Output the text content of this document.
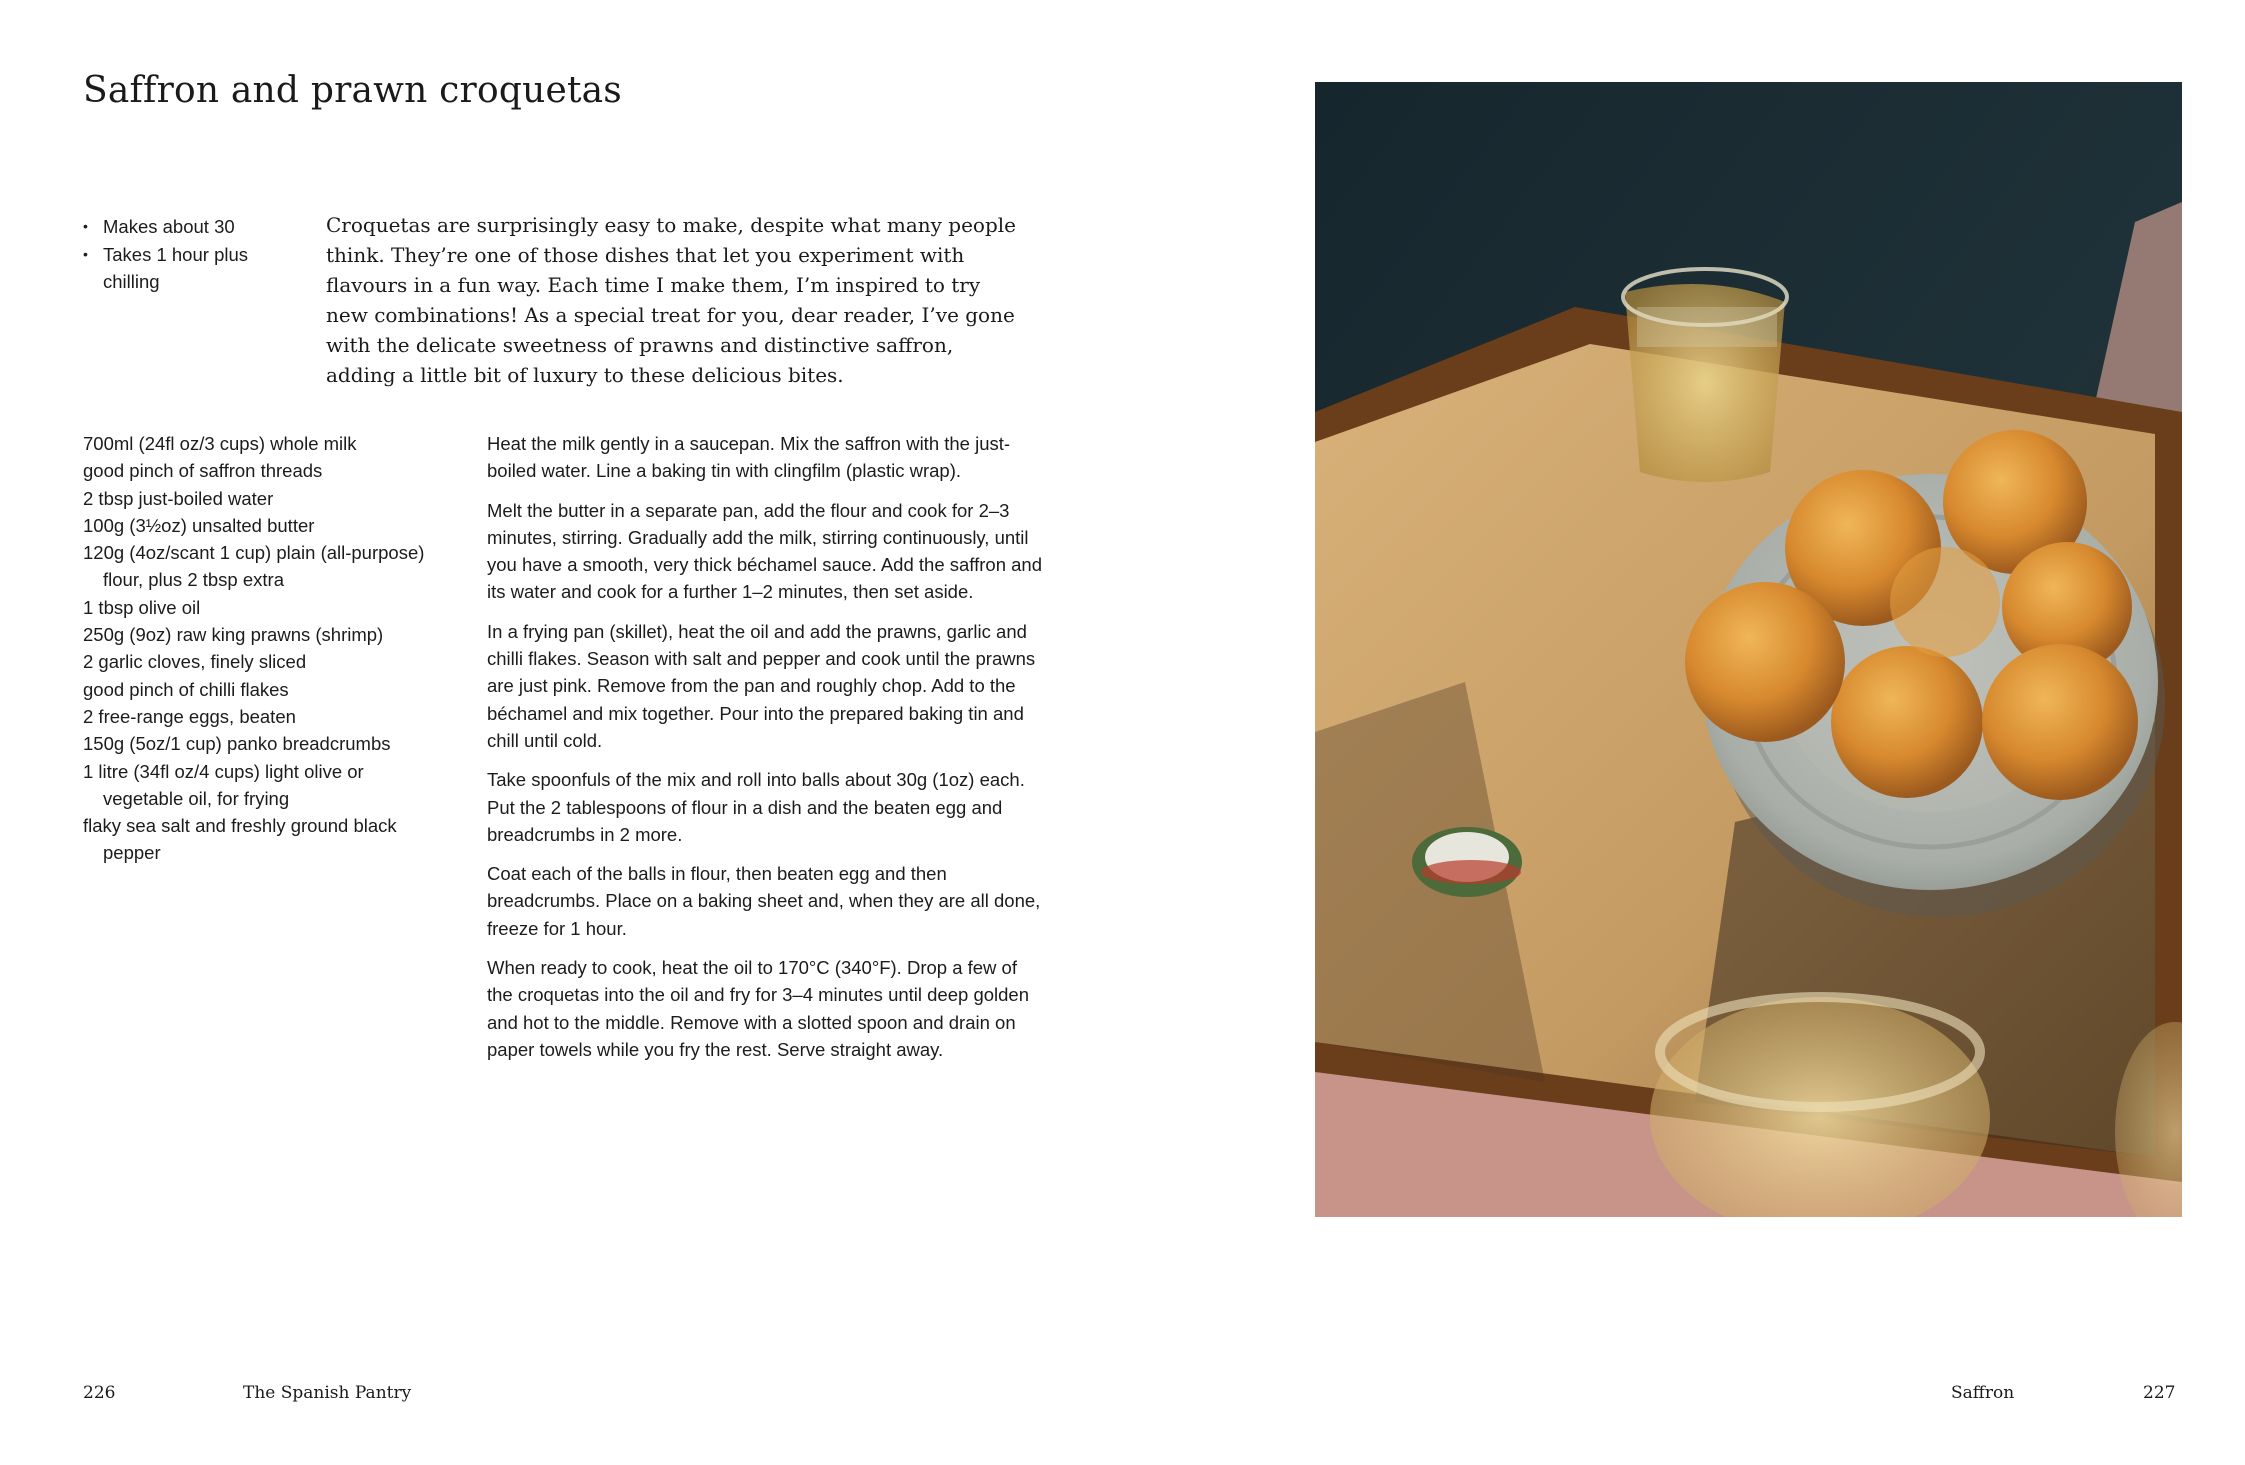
Saffron and prawn croquetas
• Makes about 30
• Takes 1 hour plus chilling

Croquetas are surprisingly easy to make, despite what many people think. They’re one of those dishes that let you experiment with flavours in a fun way. Each time I make them, I’m inspired to try new combinations! As a special treat for you, dear reader, I’ve gone with the delicate sweetness of prawns and distinctive saffron, adding a little bit of luxury to these delicious bites.

700ml (24fl oz/3 cups) whole milk
good pinch of saffron threads
2 tbsp just-boiled water
100g (3½oz) unsalted butter
120g (4oz/scant 1 cup) plain (all-purpose) flour, plus 2 tbsp extra
1 tbsp olive oil
250g (9oz) raw king prawns (shrimp)
2 garlic cloves, finely sliced
good pinch of chilli flakes
2 free-range eggs, beaten
150g (5oz/1 cup) panko breadcrumbs
1 litre (34fl oz/4 cups) light olive or vegetable oil, for frying
flaky sea salt and freshly ground black pepper

Heat the milk gently in a saucepan. Mix the saffron with the just-boiled water. Line a baking tin with clingfilm (plastic wrap).

Melt the butter in a separate pan, add the flour and cook for 2–3 minutes, stirring. Gradually add the milk, stirring continuously, until you have a smooth, very thick béchamel sauce. Add the saffron and its water and cook for a further 1–2 minutes, then set aside.

In a frying pan (skillet), heat the oil and add the prawns, garlic and chilli flakes. Season with salt and pepper and cook until the prawns are just pink. Remove from the pan and roughly chop. Add to the béchamel and mix together. Pour into the prepared baking tin and chill until cold.

Take spoonfuls of the mix and roll into balls about 30g (1oz) each. Put the 2 tablespoons of flour in a dish and the beaten egg and breadcrumbs in 2 more.

Coat each of the balls in flour, then beaten egg and then breadcrumbs. Place on a baking sheet and, when they are all done, freeze for 1 hour.

When ready to cook, heat the oil to 170°C (340°F). Drop a few of the croquetas into the oil and fry for 3–4 minutes until deep golden and hot to the middle. Remove with a slotted spoon and drain on paper towels while you fry the rest. Serve straight away.

226	The Spanish Pantry	Saffron	227
